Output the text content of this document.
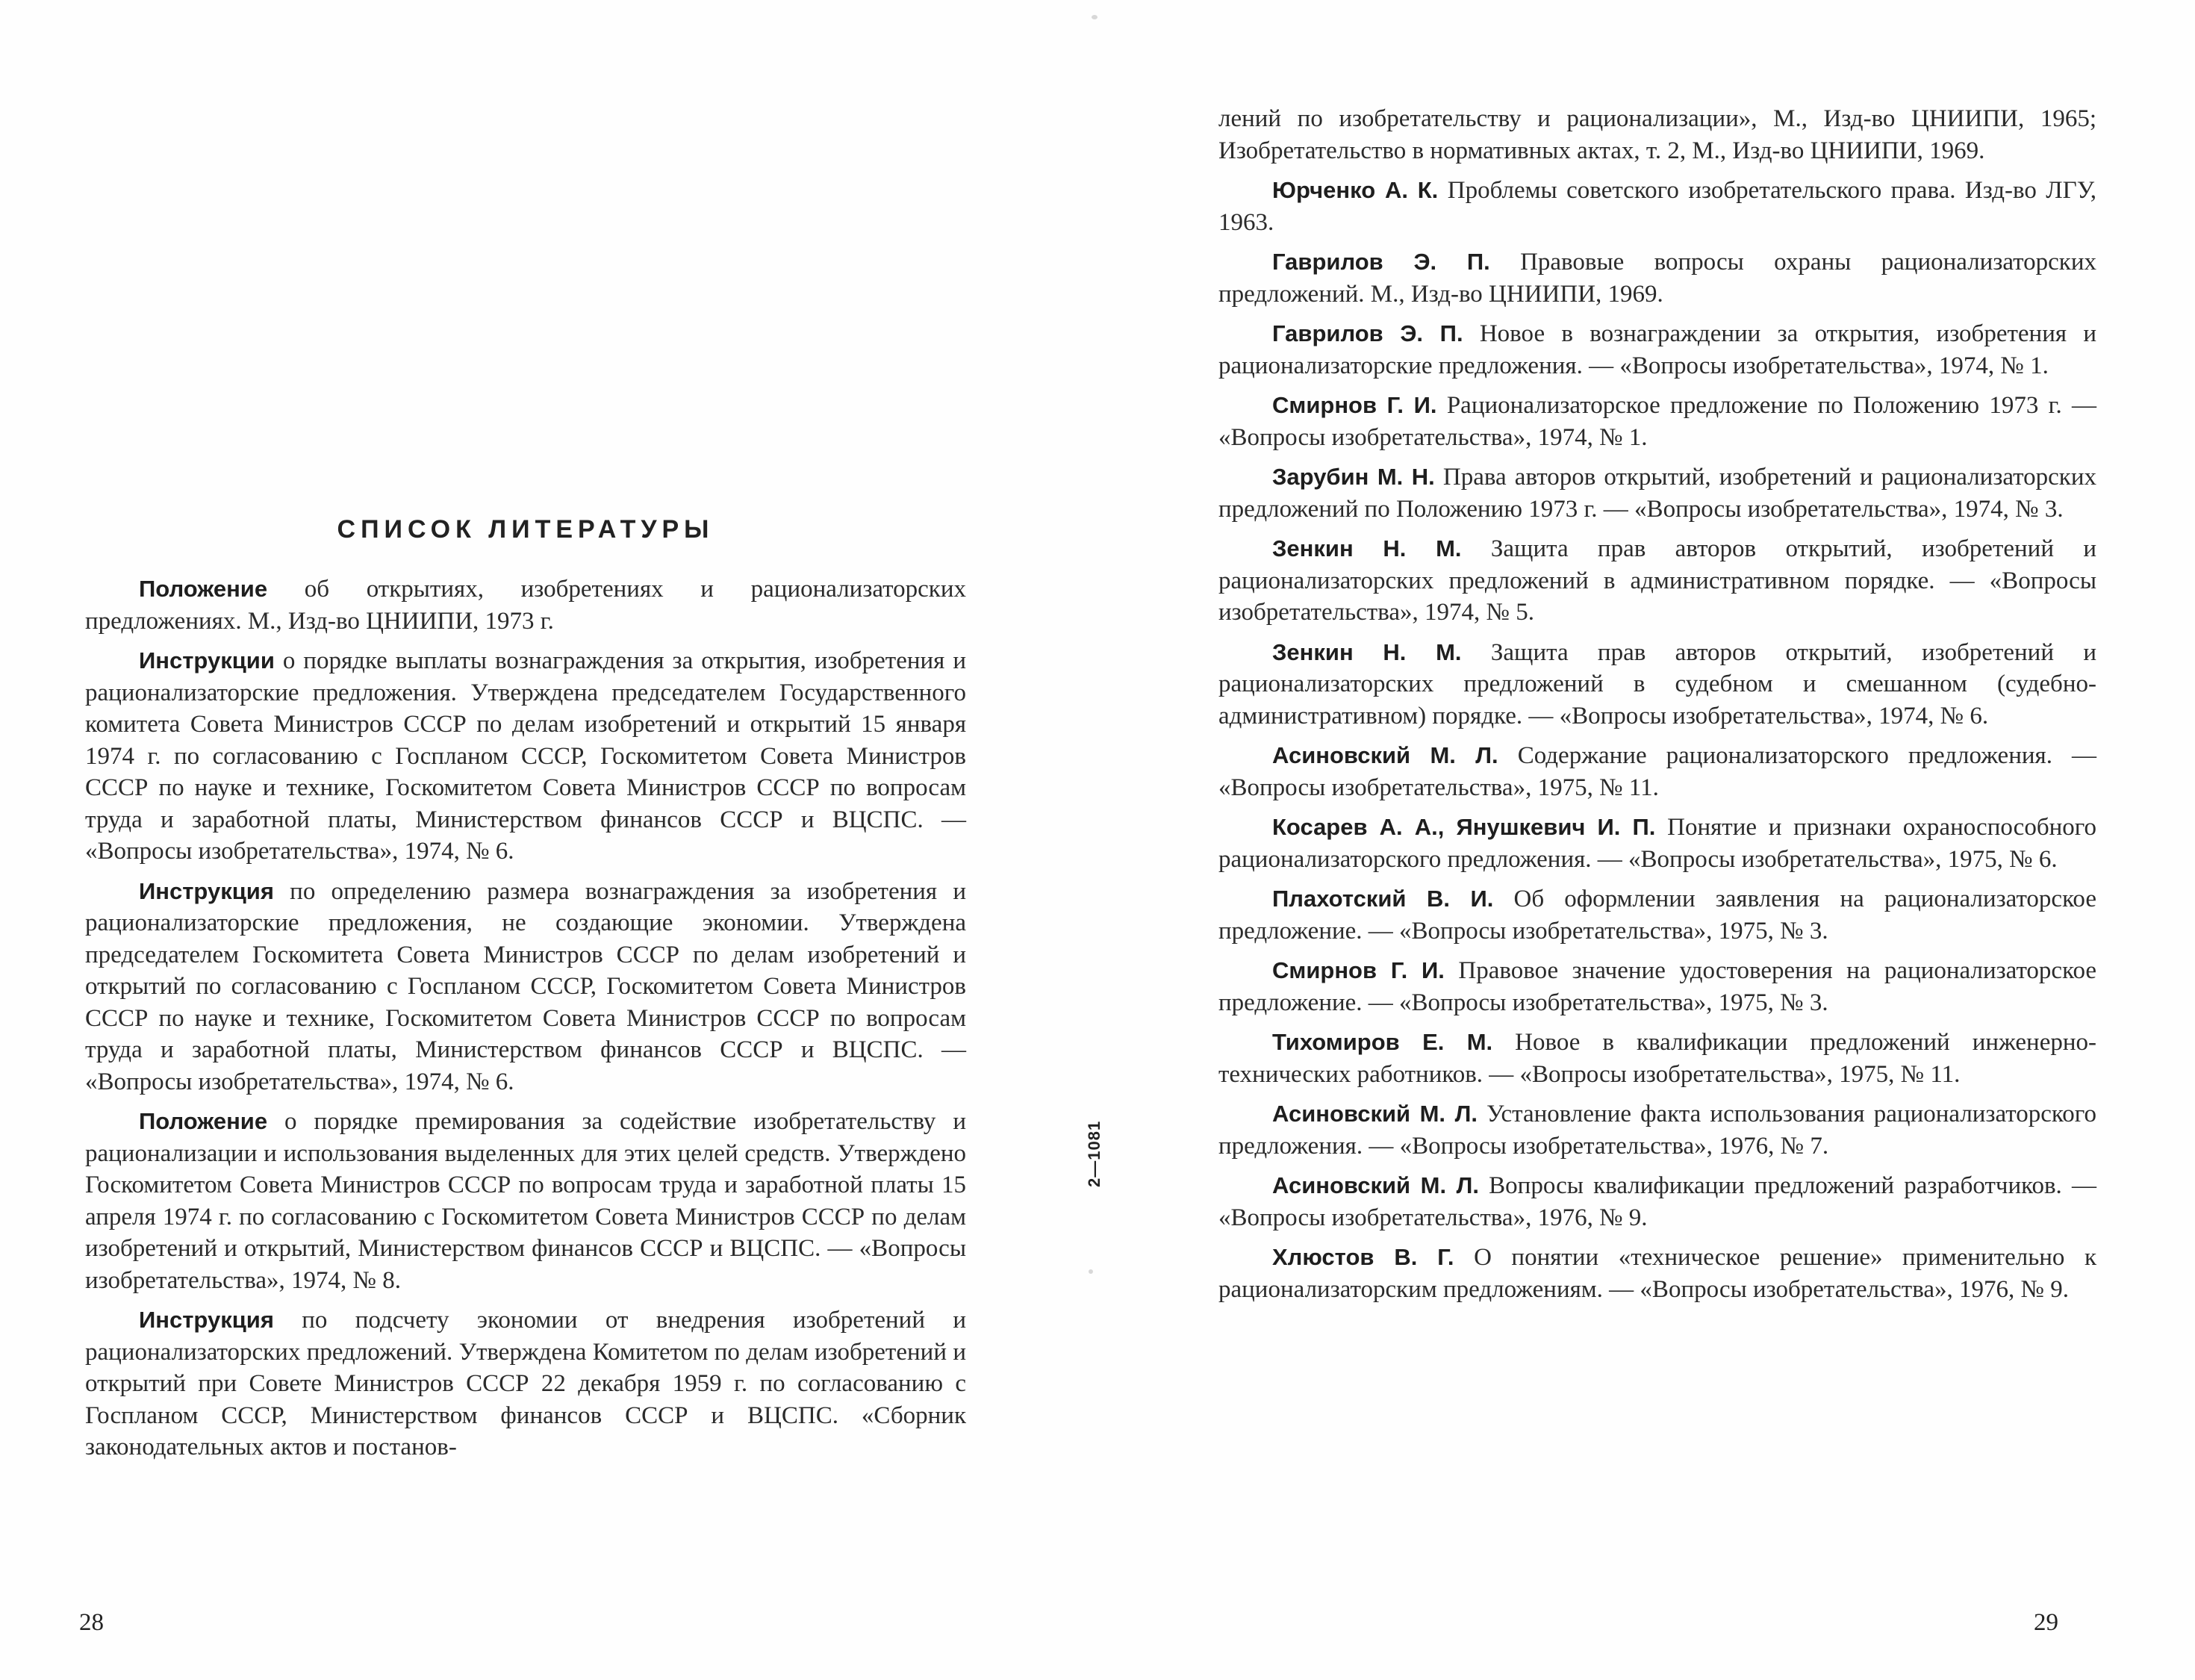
СПИСОК ЛИТЕРАТУРЫ

Положение об открытиях, изобретениях и рационализаторских предложениях. М., Изд-во ЦНИИПИ, 1973 г.

Инструкции о порядке выплаты вознаграждения за открытия, изобретения и рационализаторские предложения. Утверждена председателем Государственного комитета Совета Министров СССР по делам изобретений и открытий 15 января 1974 г. по согласованию с Госпланом СССР, Госкомитетом Совета Министров СССР по науке и технике, Госкомитетом Совета Министров СССР по вопросам труда и заработной платы, Министерством финансов СССР и ВЦСПС. — «Вопросы изобретательства», 1974, № 6.

Инструкция по определению размера вознаграждения за изобретения и рационализаторские предложения, не создающие экономии. Утверждена председателем Госкомитета Совета Министров СССР по делам изобретений и открытий по согласованию с Госпланом СССР, Госкомитетом Совета Министров СССР по науке и технике, Госкомитетом Совета Министров СССР по вопросам труда и заработной платы, Министерством финансов СССР и ВЦСПС. — «Вопросы изобретательства», 1974, № 6.

Положение о порядке премирования за содействие изобретательству и рационализации и использования выделенных для этих целей средств. Утверждено Госкомитетом Совета Министров СССР по вопросам труда и заработной платы 15 апреля 1974 г. по согласованию с Госкомитетом Совета Министров СССР по делам изобретений и открытий, Министерством финансов СССР и ВЦСПС. — «Вопросы изобретательства», 1974, № 8.

Инструкция по подсчету экономии от внедрения изобретений и рационализаторских предложений. Утверждена Комитетом по делам изобретений и открытий при Совете Министров СССР 22 декабря 1959 г. по согласованию с Госпланом СССР, Министерством финансов СССР и ВЦСПС. «Сборник законодательных актов и постанов-

28
2—1081

лений по изобретательству и рационализации», М., Изд-во ЦНИИПИ, 1965; Изобретательство в нормативных актах, т. 2, М., Изд-во ЦНИИПИ, 1969.

Юрченко А. К. Проблемы советского изобретательского права. Изд-во ЛГУ, 1963.

Гаврилов Э. П. Правовые вопросы охраны рационализаторских предложений. М., Изд-во ЦНИИПИ, 1969.

Гаврилов Э. П. Новое в вознаграждении за открытия, изобретения и рационализаторские предложения. — «Вопросы изобретательства», 1974, № 1.

Смирнов Г. И. Рационализаторское предложение по Положению 1973 г. — «Вопросы изобретательства», 1974, № 1.

Зарубин М. Н. Права авторов открытий, изобретений и рационализаторских предложений по Положению 1973 г. — «Вопросы изобретательства», 1974, № 3.

Зенкин Н. М. Защита прав авторов открытий, изобретений и рационализаторских предложений в административном порядке. — «Вопросы изобретательства», 1974, № 5.

Зенкин Н. М. Защита прав авторов открытий, изобретений и рационализаторских предложений в судебном и смешанном (судебно-административном) порядке. — «Вопросы изобретательства», 1974, № 6.

Асиновский М. Л. Содержание рационализаторского предложения. — «Вопросы изобретательства», 1975, № 11.

Косарев А. А., Янушкевич И. П. Понятие и признаки охраноспособного рационализаторского предложения. — «Вопросы изобретательства», 1975, № 6.

Плахотский В. И. Об оформлении заявления на рационализаторское предложение. — «Вопросы изобретательства», 1975, № 3.

Смирнов Г. И. Правовое значение удостоверения на рационализаторское предложение. — «Вопросы изобретательства», 1975, № 3.

Тихомиров Е. М. Новое в квалификации предложений инженерно-технических работников. — «Вопросы изобретательства», 1975, № 11.

Асиновский М. Л. Установление факта использования рационализаторского предложения. — «Вопросы изобретательства», 1976, № 7.

Асиновский М. Л. Вопросы квалификации предложений разработчиков. — «Вопросы изобретательства», 1976, № 9.

Хлюстов В. Г. О понятии «техническое решение» применительно к рационализаторским предложениям. — «Вопросы изобретательства», 1976, № 9.

29
